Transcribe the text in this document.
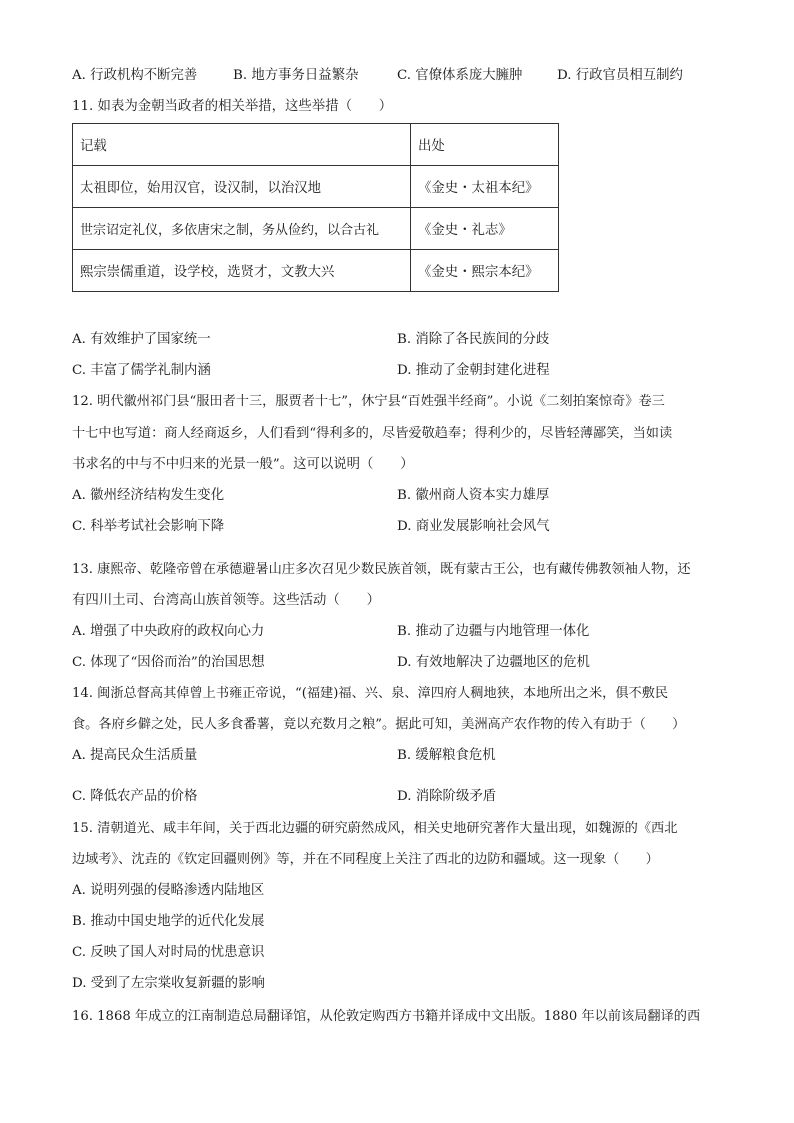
A. 行政机构不断完善	B. 地方事务日益繁杂	C. 官僚体系庞大臃肿	D. 行政官员相互制约
11. 如表为金朝当政者的相关举措，这些举措（　　）
记载	出处
太祖即位，始用汉官，设汉制，以治汉地	《金史・太祖本纪》
世宗诏定礼仪，多依唐宋之制，务从俭约，以合古礼	《金史・礼志》
熙宗崇儒重道，设学校，选贤才，文教大兴	《金史・熙宗本纪》
A. 有效维护了国家统一	B. 消除了各民族间的分歧
C. 丰富了儒学礼制内涵	D. 推动了金朝封建化进程
12. 明代徽州祁门县“服田者十三，服贾者十七”，休宁县“百姓强半经商”。小说《二刻拍案惊奇》卷三
十七中也写道：商人经商返乡，人们看到“得利多的，尽皆爱敬趋奉；得利少的，尽皆轻薄鄙笑，当如读
书求名的中与不中归来的光景一般”。这可以说明（　　）
A. 徽州经济结构发生变化	B. 徽州商人资本实力雄厚
C. 科举考试社会影响下降	D. 商业发展影响社会风气
13. 康熙帝、乾隆帝曾在承德避暑山庄多次召见少数民族首领，既有蒙古王公，也有藏传佛教领袖人物，还
有四川土司、台湾高山族首领等。这些活动（　　）
A. 增强了中央政府的政权向心力	B. 推动了边疆与内地管理一体化
C. 体现了“因俗而治”的治国思想	D. 有效地解决了边疆地区的危机
14. 闽浙总督高其倬曾上书雍正帝说，“(福建)福、兴、泉、漳四府人稠地狭，本地所出之米，俱不敷民
食。各府乡僻之处，民人多食番薯，竟以充数月之粮”。据此可知，美洲高产农作物的传入有助于（　　）
A. 提高民众生活质量	B. 缓解粮食危机
C. 降低农产品的价格	D. 消除阶级矛盾
15. 清朝道光、咸丰年间，关于西北边疆的研究蔚然成风，相关史地研究著作大量出现，如魏源的《西北
边域考》、沈垚的《钦定回疆则例》等，并在不同程度上关注了西北的边防和疆域。这一现象（　　）
A. 说明列强的侵略渗透内陆地区
B. 推动中国史地学的近代化发展
C. 反映了国人对时局的忧患意识
D. 受到了左宗棠收复新疆的影响
16. 1868 年成立的江南制造总局翻译馆，从伦敦定购西方书籍并译成中文出版。1880 年以前该局翻译的西
